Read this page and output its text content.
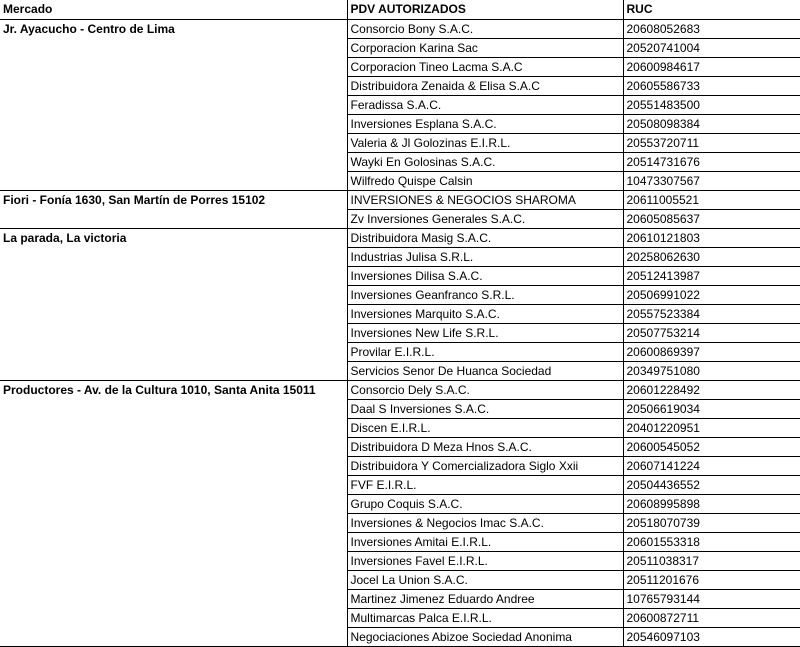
Mercado	PDV AUTORIZADOS	RUC
Jr. Ayacucho - Centro de Lima	Consorcio Bony S.A.C.	20608052683
	Corporacion Karina Sac	20520741004
	Corporacion Tineo Lacma S.A.C	20600984617
	Distribuidora Zenaida & Elisa S.A.C	20605586733
	Feradissa S.A.C.	20551483500
	Inversiones Esplana S.A.C.	20508098384
	Valeria & Jl Golozinas E.I.R.L.	20553720711
	Wayki En Golosinas S.A.C.	20514731676
	Wilfredo Quispe Calsin	10473307567
Fiori - Fonía 1630, San Martín de Porres 15102	INVERSIONES & NEGOCIOS SHAROMA	20611005521
	Zv Inversiones Generales S.A.C.	20605085637
La parada, La victoria	Distribuidora Masig S.A.C.	20610121803
	Industrias Julisa S.R.L.	20258062630
	Inversiones Dilisa S.A.C.	20512413987
	Inversiones Geanfranco S.R.L.	20506991022
	Inversiones Marquito S.A.C.	20557523384
	Inversiones New Life S.R.L.	20507753214
	Provilar E.I.R.L.	20600869397
	Servicios Senor De Huanca Sociedad	20349751080
Productores - Av. de la Cultura 1010, Santa Anita 15011	Consorcio Dely S.A.C.	20601228492
	Daal S Inversiones S.A.C.	20506619034
	Discen E.I.R.L.	20401220951
	Distribuidora D Meza Hnos S.A.C.	20600545052
	Distribuidora Y Comercializadora Siglo Xxii	20607141224
	FVF E.I.R.L.	20504436552
	Grupo Coquis S.A.C.	20608995898
	Inversiones & Negocios Imac S.A.C.	20518070739
	Inversiones Amitai E.I.R.L.	20601553318
	Inversiones Favel E.I.R.L.	20511038317
	Jocel La Union S.A.C.	20511201676
	Martinez Jimenez Eduardo Andree	10765793144
	Multimarcas Palca E.I.R.L.	20600872711
	Negociaciones Abizoe Sociedad Anonima	20546097103
